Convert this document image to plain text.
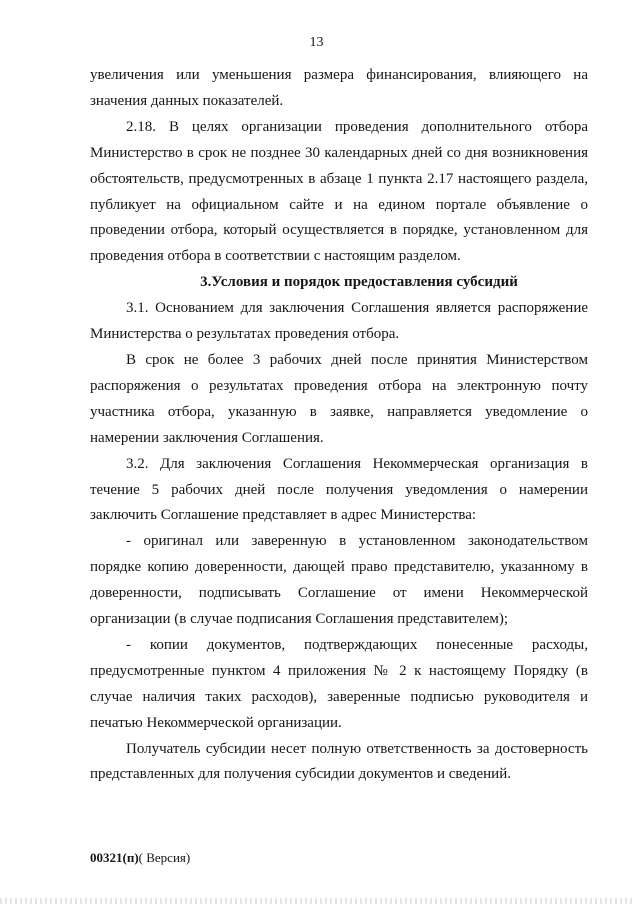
13

увеличения или уменьшения размера финансирования, влияющего на значения данных показателей.

2.18. В целях организации проведения дополнительного отбора Министерство в срок не позднее 30 календарных дней со дня возникновения обстоятельств, предусмотренных в абзаце 1 пункта 2.17 настоящего раздела, публикует на официальном сайте и на едином портале объявление о проведении отбора, который осуществляется в порядке, установленном для проведения отбора в соответствии с настоящим разделом.

3.Условия и порядок предоставления субсидий

3.1. Основанием для заключения Соглашения является распоряжение Министерства о результатах проведения отбора.

В срок не более 3 рабочих дней после принятия Министерством распоряжения о результатах проведения отбора на электронную почту участника отбора, указанную в заявке, направляется уведомление о намерении заключения Соглашения.

3.2. Для заключения Соглашения Некоммерческая организация в течение 5 рабочих дней после получения уведомления о намерении заключить Соглашение представляет в адрес Министерства:

- оригинал или заверенную в установленном законодательством порядке копию доверенности, дающей право представителю, указанному в доверенности, подписывать Соглашение от имени Некоммерческой организации (в случае подписания Соглашения представителем);

- копии документов, подтверждающих понесенные расходы, предусмотренные пунктом 4 приложения № 2 к настоящему Порядку (в случае наличия таких расходов), заверенные подписью руководителя и печатью Некоммерческой организации.

Получатель субсидии несет полную ответственность за достоверность представленных для получения субсидии документов и сведений.

00321(п)( Версия)
